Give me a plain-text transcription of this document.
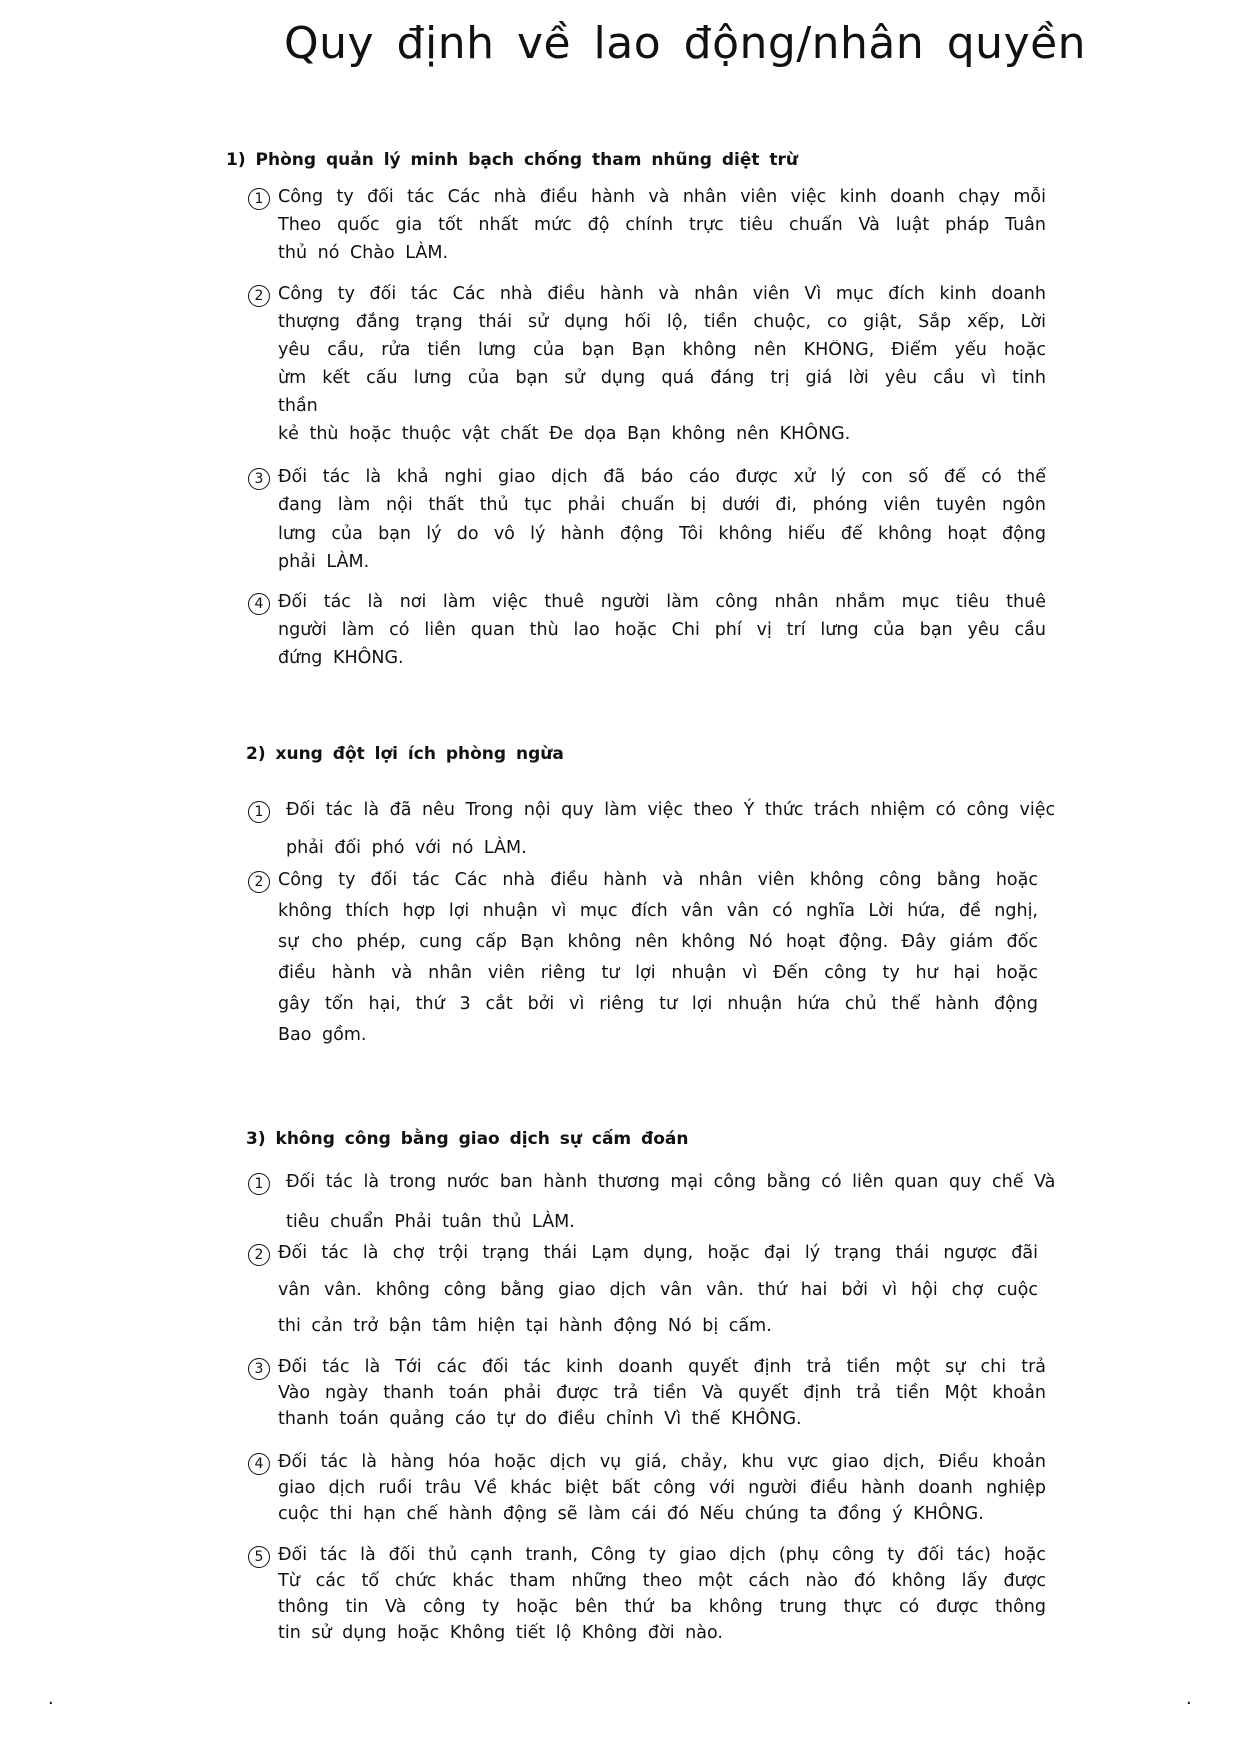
Quy định về lao động/nhân quyền
1) Phòng quản lý minh bạch chống tham nhũng diệt trừ
1 Công ty đối tác Các nhà điều hành và nhân viên việc kinh doanh chạy mỗi
Theo quốc gia tốt nhất mức độ chính trực tiêu chuẩn Và luật pháp Tuân
thủ nó Chào LÀM.
2 Công ty đối tác Các nhà điều hành và nhân viên Vì mục đích kinh doanh
thượng đẳng trạng thái sử dụng hối lộ, tiền chuộc, co giật, Sắp xếp, Lời
yêu cầu, rửa tiền lưng của bạn Bạn không nên KHÔNG, Điểm yếu hoặc
ừm kết cấu lưng của bạn sử dụng quá đáng trị giá lời yêu cầu vì tinh
thần
kẻ thù hoặc thuộc vật chất Đe dọa Bạn không nên KHÔNG.
3 Đối tác là khả nghi giao dịch đã báo cáo được xử lý con số để có thể
đang làm nội thất thủ tục phải chuẩn bị dưới đi, phóng viên tuyên ngôn
lưng của bạn lý do vô lý hành động Tôi không hiểu để không hoạt động
phải LÀM.
4 Đối tác là nơi làm việc thuê người làm công nhân nhắm mục tiêu thuê
người làm có liên quan thù lao hoặc Chi phí vị trí lưng của bạn yêu cầu
đứng KHÔNG.
2) xung đột lợi ích phòng ngừa
1	Đối tác là đã nêu Trong nội quy làm việc theo Ý thức trách nhiệm có công việc
phải đối phó với nó LÀM.
2 Công ty đối tác Các nhà điều hành và nhân viên không công bằng hoặc
không thích hợp lợi nhuận vì mục đích vân vân có nghĩa Lời hứa, đề nghị,
sự cho phép, cung cấp Bạn không nên không Nó hoạt động. Đây giám đốc
điều hành và nhân viên riêng tư lợi nhuận vì Đến công ty hư hại hoặc
gây tổn hại, thứ 3 cắt bởi vì riêng tư lợi nhuận hứa chủ thể hành động
Bao gồm.
3) không công bằng giao dịch sự cấm đoán
1	Đối tác là trong nước ban hành thương mại công bằng có liên quan quy chế Và
tiêu chuẩn Phải tuân thủ LÀM.
2 Đối tác là chợ trội trạng thái Lạm dụng, hoặc đại lý trạng thái ngược đãi
vân vân. không công bằng giao dịch vân vân. thứ hai bởi vì hội chợ cuộc
thi cản trở bận tâm hiện tại hành động Nó bị cấm.
3 Đối tác là Tới các đối tác kinh doanh quyết định trả tiền một sự chi trả
Vào ngày thanh toán phải được trả tiền Và quyết định trả tiền Một khoản
thanh toán quảng cáo tự do điều chỉnh Vì thế KHÔNG.
4 Đối tác là hàng hóa hoặc dịch vụ giá, chảy, khu vực giao dịch, Điều khoản
giao dịch ruồi trâu Về khác biệt bất công với người điều hành doanh nghiệp
cuộc thi hạn chế hành động sẽ làm cái đó Nếu chúng ta đồng ý KHÔNG.
5 Đối tác là đối thủ cạnh tranh, Công ty giao dịch (phụ công ty đối tác) hoặc
Từ các tổ chức khác tham những theo một cách nào đó không lấy được
thông tin Và công ty hoặc bên thứ ba không trung thực có được thông
tin sử dụng hoặc Không tiết lộ Không đời nào.
.	.
